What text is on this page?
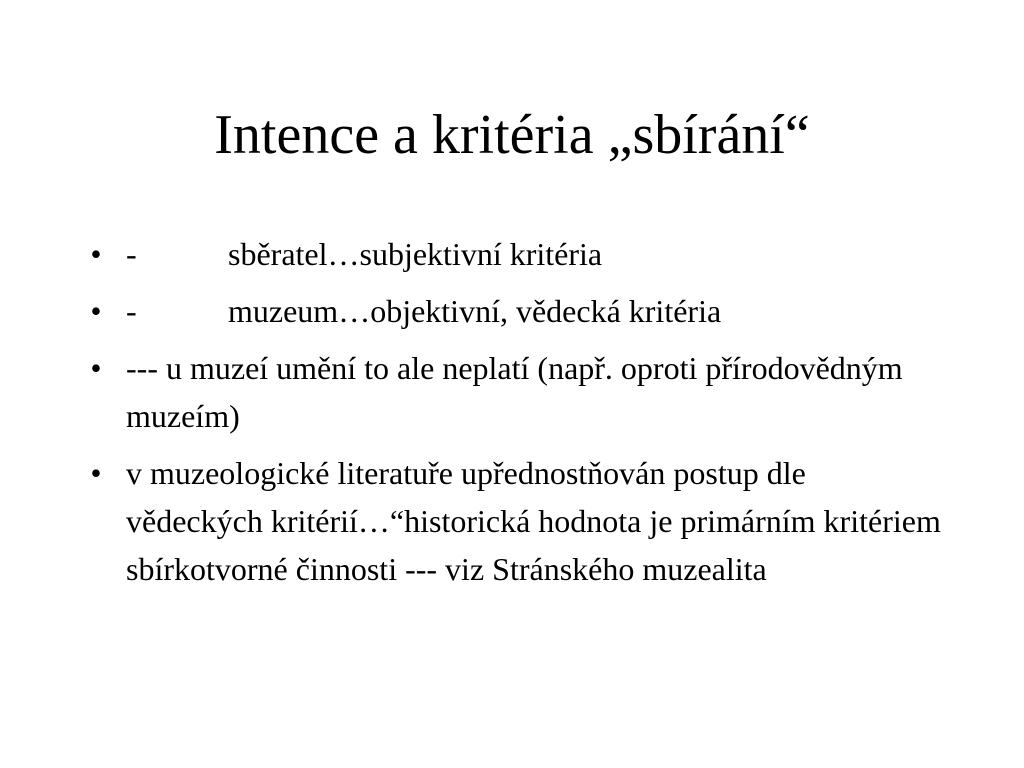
Intence a kritéria „sbírání“
• -	sběratel…subjektivní kritéria
• -	muzeum…objektivní, vědecká kritéria
• --- u muzeí umění to ale neplatí (např. oproti přírodovědným muzeím)
• v muzeologické literatuře upřednostňován postup dle vědeckých kritérií…“historická hodnota je primárním kritériem sbírkotvorné činnosti --- viz Stránského muzealita
